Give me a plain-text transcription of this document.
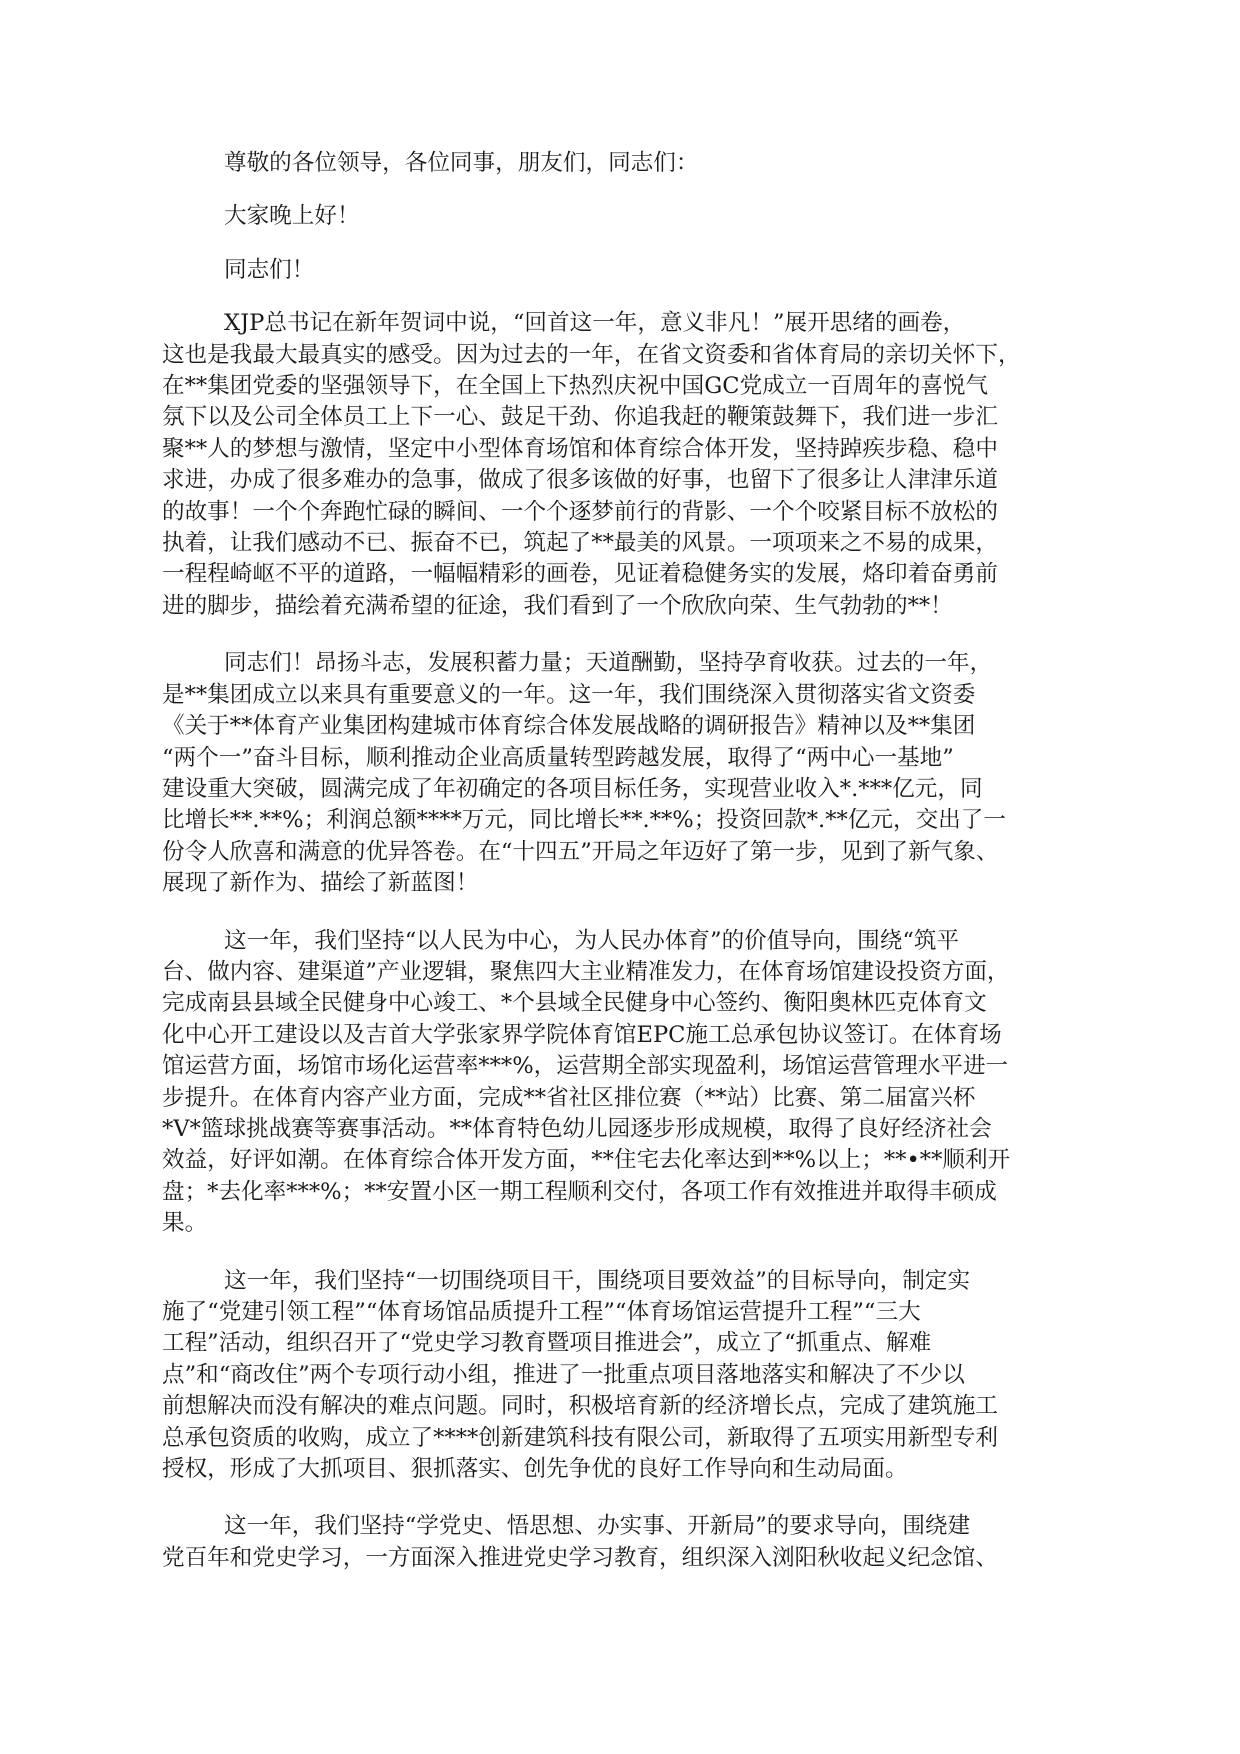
尊敬的各位领导，各位同事，朋友们，同志们：

大家晚上好！

同志们！

XJP总书记在新年贺词中说，“回首这一年，意义非凡！”展开思绪的画卷，
这也是我最大最真实的感受。因为过去的一年，在省文资委和省体育局的亲切关怀下，
在**集团党委的坚强领导下，在全国上下热烈庆祝中国GC党成立一百周年的喜悦气
氛下以及公司全体员工上下一心、鼓足干劲、你追我赶的鞭策鼓舞下，我们进一步汇
聚**人的梦想与激情，坚定中小型体育场馆和体育综合体开发，坚持踔疾步稳、稳中
求进，办成了很多难办的急事，做成了很多该做的好事，也留下了很多让人津津乐道
的故事！一个个奔跑忙碌的瞬间、一个个逐梦前行的背影、一个个咬紧目标不放松的
执着，让我们感动不已、振奋不已，筑起了**最美的风景。一项项来之不易的成果，
一程程崎岖不平的道路，一幅幅精彩的画卷，见证着稳健务实的发展，烙印着奋勇前
进的脚步，描绘着充满希望的征途，我们看到了一个欣欣向荣、生气勃勃的**！

同志们！昂扬斗志，发展积蓄力量；天道酬勤，坚持孕育收获。过去的一年，
是**集团成立以来具有重要意义的一年。这一年，我们围绕深入贯彻落实省文资委
《关于**体育产业集团构建城市体育综合体发展战略的调研报告》精神以及**集团
“两个一”奋斗目标，顺利推动企业高质量转型跨越发展，取得了“两中心一基地”
建设重大突破，圆满完成了年初确定的各项目标任务，实现营业收入*.***亿元，同
比增长**.**%；利润总额****万元，同比增长**.**%；投资回款*.**亿元，交出了一
份令人欣喜和满意的优异答卷。在“十四五”开局之年迈好了第一步，见到了新气象、
展现了新作为、描绘了新蓝图！

这一年，我们坚持“以人民为中心，为人民办体育”的价值导向，围绕“筑平
台、做内容、建渠道”产业逻辑，聚焦四大主业精准发力，在体育场馆建设投资方面，
完成南县县域全民健身中心竣工、*个县域全民健身中心签约、衡阳奥林匹克体育文
化中心开工建设以及吉首大学张家界学院体育馆EPC施工总承包协议签订。在体育场
馆运营方面，场馆市场化运营率***%，运营期全部实现盈利，场馆运营管理水平进一
步提升。在体育内容产业方面，完成**省社区排位赛（**站）比赛、第二届富兴杯
*V*篮球挑战赛等赛事活动。**体育特色幼儿园逐步形成规模，取得了良好经济社会
效益，好评如潮。在体育综合体开发方面，**住宅去化率达到**%以上；**•**顺利开
盘；*去化率***%；**安置小区一期工程顺利交付，各项工作有效推进并取得丰硕成
果。

这一年，我们坚持“一切围绕项目干，围绕项目要效益”的目标导向，制定实
施了“党建引领工程”“体育场馆品质提升工程”“体育场馆运营提升工程”“三大
工程”活动，组织召开了“党史学习教育暨项目推进会”，成立了“抓重点、解难
点”和“商改住”两个专项行动小组，推进了一批重点项目落地落实和解决了不少以
前想解决而没有解决的难点问题。同时，积极培育新的经济增长点，完成了建筑施工
总承包资质的收购，成立了****创新建筑科技有限公司，新取得了五项实用新型专利
授权，形成了大抓项目、狠抓落实、创先争优的良好工作导向和生动局面。

这一年，我们坚持“学党史、悟思想、办实事、开新局”的要求导向，围绕建
党百年和党史学习，一方面深入推进党史学习教育，组织深入浏阳秋收起义纪念馆、
